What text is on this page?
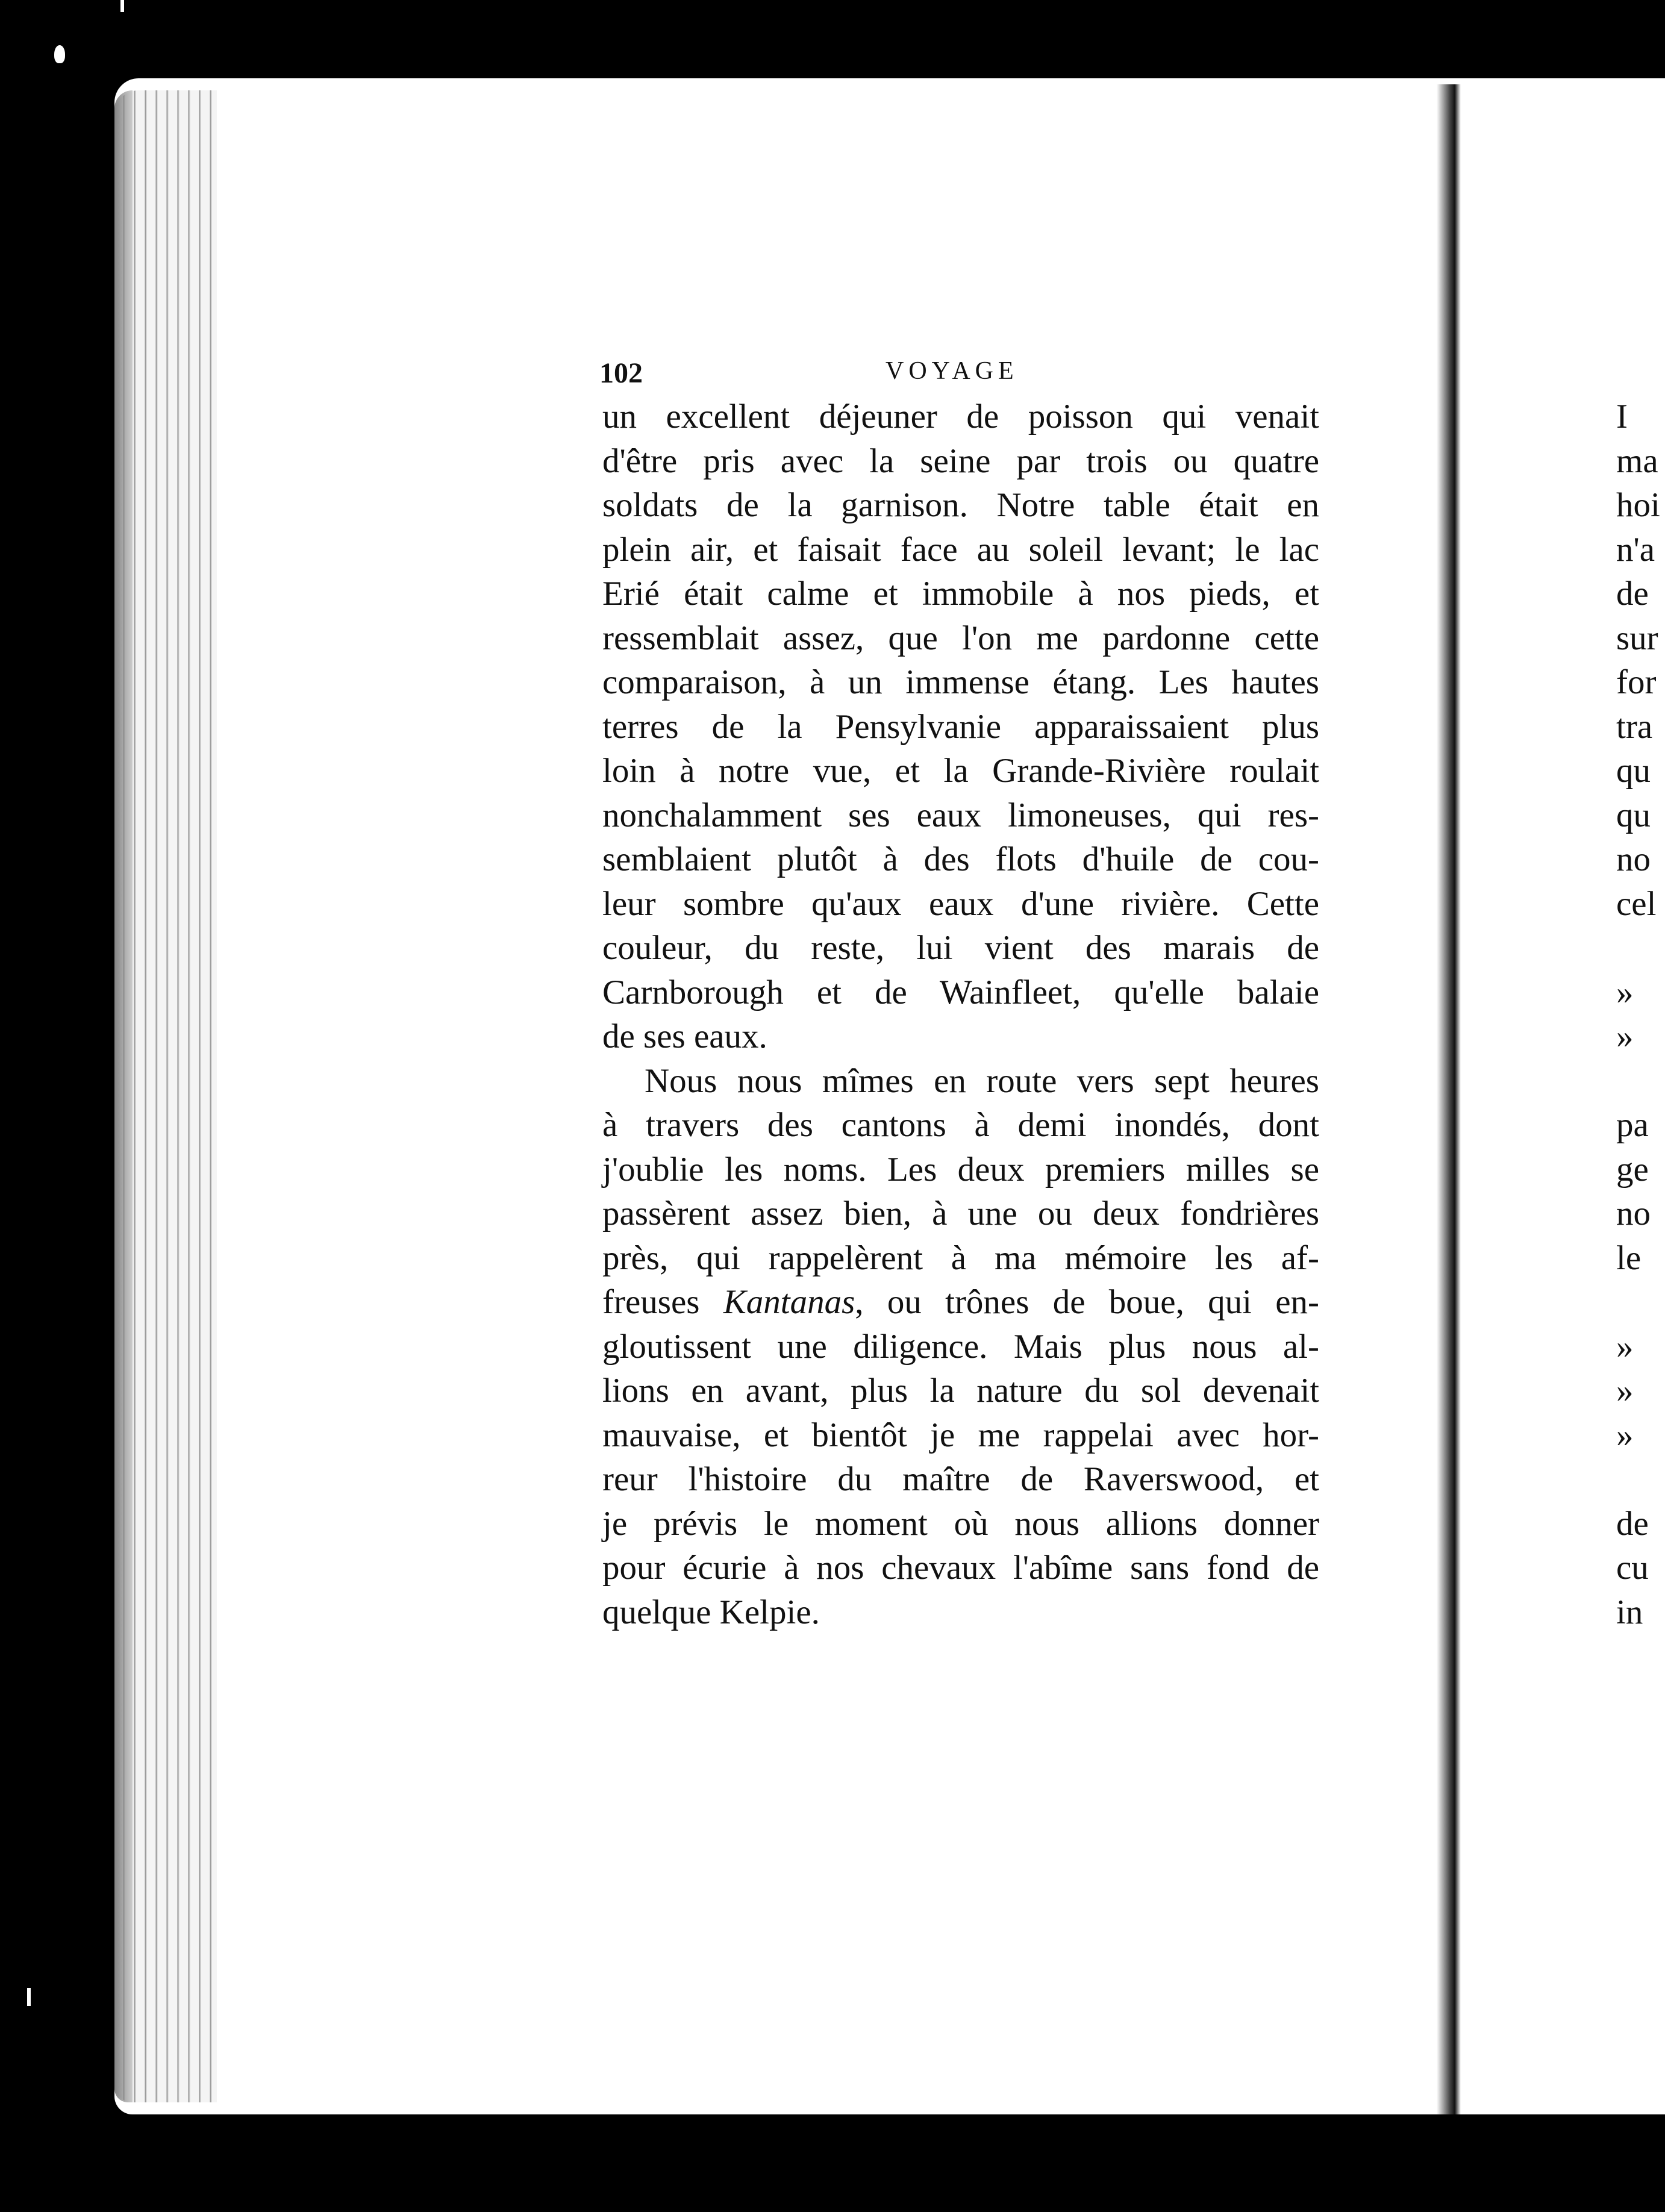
102	VOYAGE
un excellent déjeuner de poisson qui venait
d'être pris avec la seine par trois ou quatre
soldats de la garnison. Notre table était en
plein air, et faisait face au soleil levant; le lac
Erié était calme et immobile à nos pieds, et
ressemblait assez, que l'on me pardonne cette
comparaison, à un immense étang. Les hautes
terres de la Pensylvanie apparaissaient plus
loin à notre vue, et la Grande-Rivière roulait
nonchalamment ses eaux limoneuses, qui res-
semblaient plutôt à des flots d'huile de cou-
leur sombre qu'aux eaux d'une rivière. Cette
couleur, du reste, lui vient des marais de
Carnborough et de Wainfleet, qu'elle balaie
de ses eaux.
Nous nous mîmes en route vers sept heures
à travers des cantons à demi inondés, dont
j'oublie les noms. Les deux premiers milles se
passèrent assez bien, à une ou deux fondrières
près, qui rappelèrent à ma mémoire les af-
freuses Kantanas, ou trônes de boue, qui en-
gloutissent une diligence. Mais plus nous al-
lions en avant, plus la nature du sol devenait
mauvaise, et bientôt je me rappelai avec hor-
reur l'histoire du maître de Raverswood, et
je prévis le moment où nous allions donner
pour écurie à nos chevaux l'abîme sans fond de
quelque Kelpie.
I
ma
hoi
n'a
de
sur
for
tra
qu
qu
no
cel
»
»
pa
ge
no
le
»
»
»
de
cu
in
